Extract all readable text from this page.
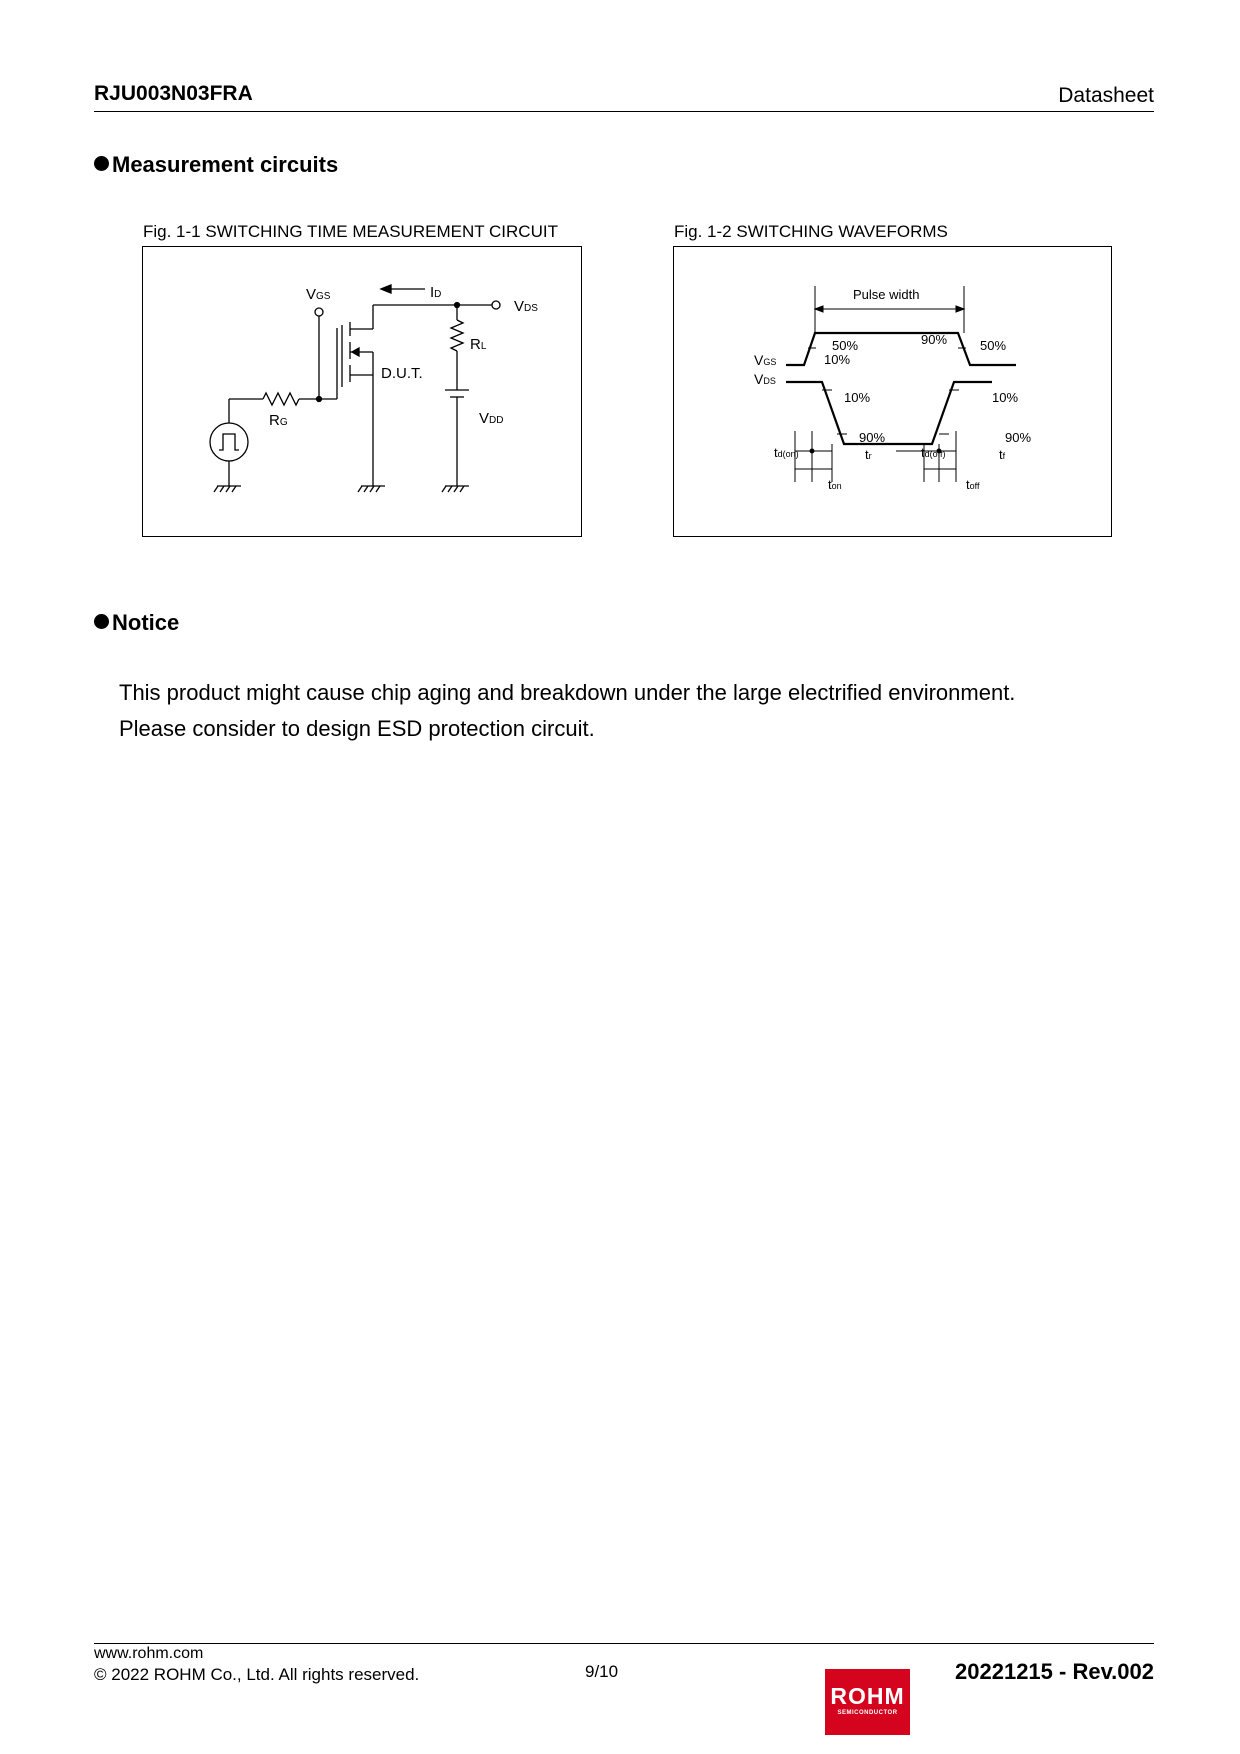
RJU003N03FRA	Datasheet
Measurement circuits
Fig. 1-1 SWITCHING TIME MEASUREMENT CIRCUIT	Fig. 1-2 SWITCHING WAVEFORMS
VGS	ID
VDS
RL
D.U.T.
VDD
RG
Pulse width
VGS
VDS
50%	90%	50%
10%
10%	10%
90%	90%
td(on)	tr	td(off)	tf
ton	toff
Notice
This product might cause chip aging and breakdown under the large electrified environment.
Please consider to design ESD protection circuit.
www.rohm.com
© 2022 ROHM Co., Ltd. All rights reserved.	9/10
ROHM
SEMICONDUCTOR
20221215 - Rev.002
